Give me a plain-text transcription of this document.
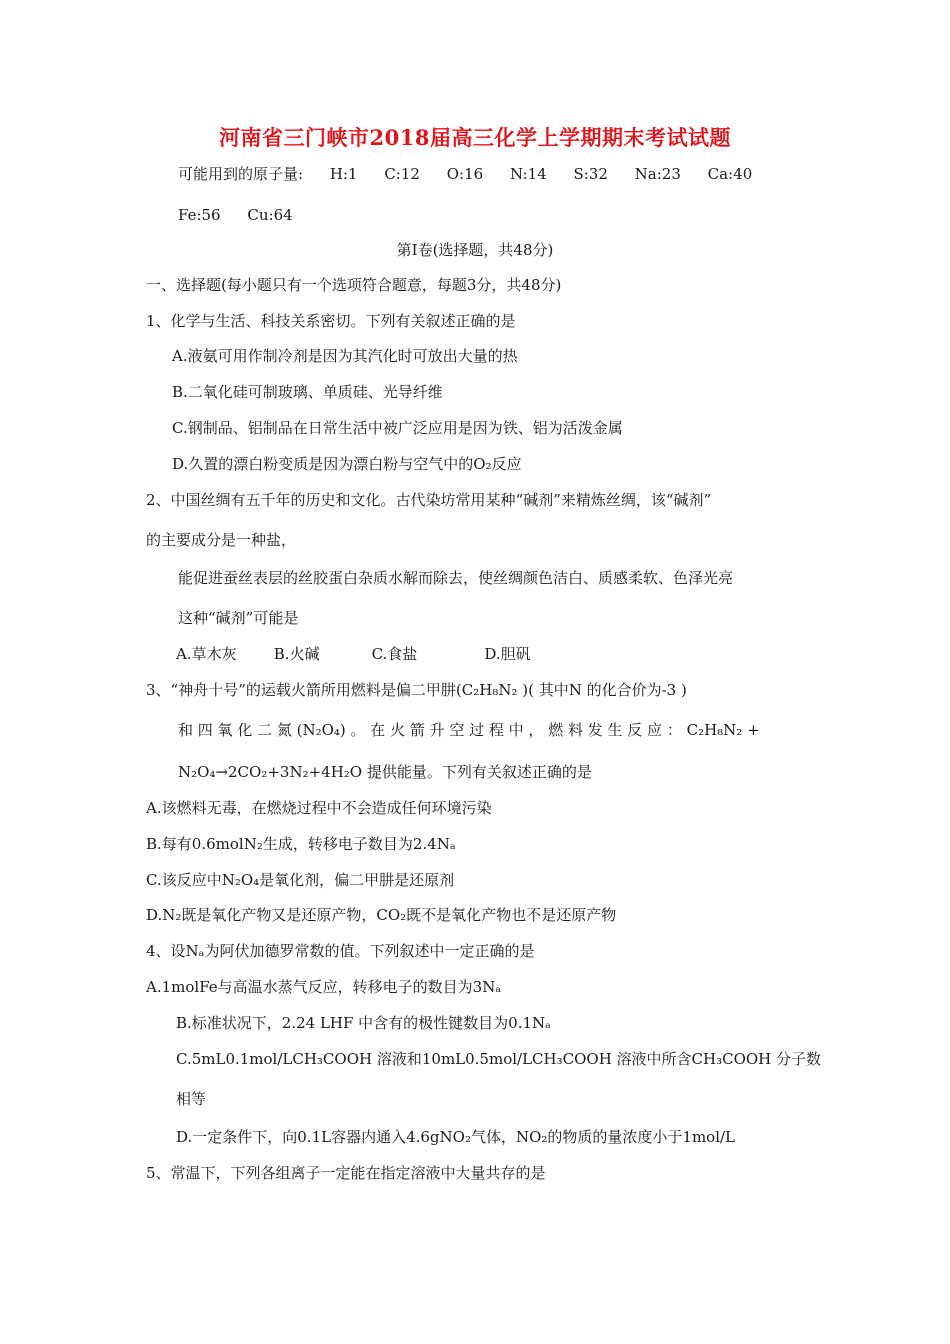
河南省三门峡市2018届高三化学上学期期末考试试题
可能用到的原子量: H:1 C:12 O:16 N:14 S:32 Na:23 Ca:40
Fe:56 Cu:64
第Ⅰ卷(选择题，共48分)
一、选择题(每小题只有一个选项符合题意，每题3分，共48分)
1、化学与生活、科技关系密切。下列有关叙述正确的是
A.液氨可用作制冷剂是因为其汽化时可放出大量的热
B.二氧化硅可制玻璃、单质硅、光导纤维
C.钢制品、铝制品在日常生活中被广泛应用是因为铁、铝为活泼金属
D.久置的漂白粉变质是因为漂白粉与空气中的O₂反应
2、中国丝绸有五千年的历史和文化。古代染坊常用某种“碱剂”来精炼丝绸，该“碱剂”
的主要成分是一种盐，
能促进蚕丝表层的丝胶蛋白杂质水解而除去，使丝绸颜色洁白、质感柔软、色泽光亮
这种“碱剂”可能是
A.草木灰 B.火碱	C.食盐	D.胆矾
3、“神舟十号”的运载火箭所用燃料是偏二甲肼(C₂H₈N₂ )( 其中N 的化合价为-3 )
和 四 氧 化 二 氮 (N₂O₄) 。 在 火 箭 升 空 过 程 中 ， 燃 料 发 生 反 应 ： C₂H₈N₂ +
N₂O₄→2CO₂+3N₂+4H₂O 提供能量。下列有关叙述正确的是
A.该燃料无毒，在燃烧过程中不会造成任何环境污染
B.每有0.6molN₂生成，转移电子数目为2.4Nₐ
C.该反应中N₂O₄是氧化剂，偏二甲肼是还原剂
D.N₂既是氧化产物又是还原产物，CO₂既不是氧化产物也不是还原产物
4、设Nₐ为阿伏加德罗常数的值。下列叙述中一定正确的是
A.1molFe与高温水蒸气反应，转移电子的数目为3Nₐ
B.标准状况下，2.24 LHF 中含有的极性键数目为0.1Nₐ
C.5mL0.1mol/LCH₃COOH 溶液和10mL0.5mol/LCH₃COOH 溶液中所含CH₃COOH 分子数
相等
D.一定条件下，向0.1L容器内通入4.6gNO₂气体，NO₂的物质的量浓度小于1mol/L
5、常温下，下列各组离子一定能在指定溶液中大量共存的是
